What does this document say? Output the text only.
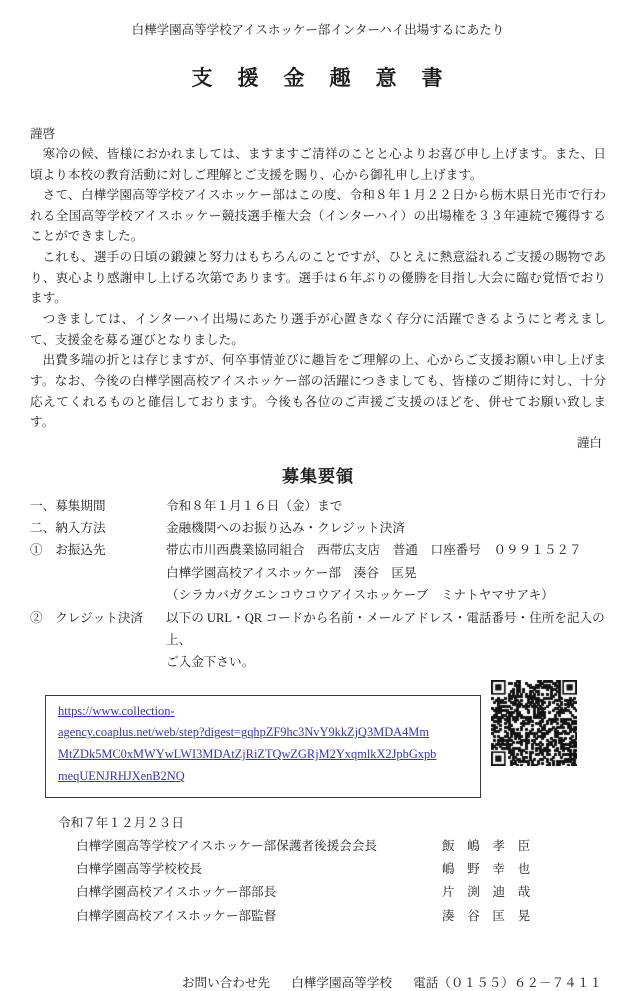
白樺学園高等学校アイスホッケー部インターハイ出場するにあたり
支　援　金　趣　意　書
謹啓

寒冷の候、皆様におかれましては、ますますご清祥のことと心よりお喜び申し上げます。また、日頃より本校の教育活動に対しご理解とご支援を賜り、心から御礼申し上げます。

さて、白樺学園高等学校アイスホッケー部はこの度、令和８年１月２２日から栃木県日光市で行われる全国高等学校アイスホッケー競技選手権大会（インターハイ）の出場権を３３年連続で獲得することができました。

これも、選手の日頃の鍛錬と努力はもちろんのことですが、ひとえに熱意溢れるご支援の賜物であり、衷心より感謝申し上げる次第であります。選手は６年ぶりの優勝を目指し大会に臨む覚悟でおります。

つきましては、インターハイ出場にあたり選手が心置きなく存分に活躍できるようにと考えまして、支援金を募る運びとなりました。

出費多端の折とは存じますが、何卒事情並びに趣旨をご理解の上、心からご支援お願い申し上げます。なお、今後の白樺学園高校アイスホッケー部の活躍につきましても、皆様のご期待に対し、十分応えてくれるものと確信しております。今後も各位のご声援ご支援のほどを、併せてお願い致します。

謹白
募集要領
一、募集期間	令和８年１月１６日（金）まで
二、納入方法	金融機関へのお振り込み・クレジット決済
①　お振込先	帯広市川西農業協同組合　西帯広支店　普通　口座番号　０９９１５２７
白樺学園高校アイスホッケー部　湊谷　匡晃
（シラカバガクエンコウコウアイスホッケーブ　ミナトヤマサアキ）
②　クレジット決済	以下の URL・QR コードから名前・メールアドレス・電話番号・住所を記入の上、
ご入金下さい。
https://www.collection-
agency.coaplus.net/web/step?digest=gqhpZF9hc3NvY9kkZjQ3MDA4Mm
MtZDk5MC0xMWYwLWI3MDAtZjRiZTQwZGRjM2YxqmlkX2JpbGxpb
meqUENJRHJXenB2NQ
令和７年１２月２３日
白樺学園高等学校アイスホッケー部保護者後援会会長	飯　嶋　孝　臣
白樺学園高等学校校長	嶋　野　幸　也
白樺学園高校アイスホッケー部部長	片　渕　迪　哉
白樺学園高校アイスホッケー部監督	湊　谷　匡　晃
お問い合わせ先 白樺学園高等学校 電話（０１５５）６２－７４１１
